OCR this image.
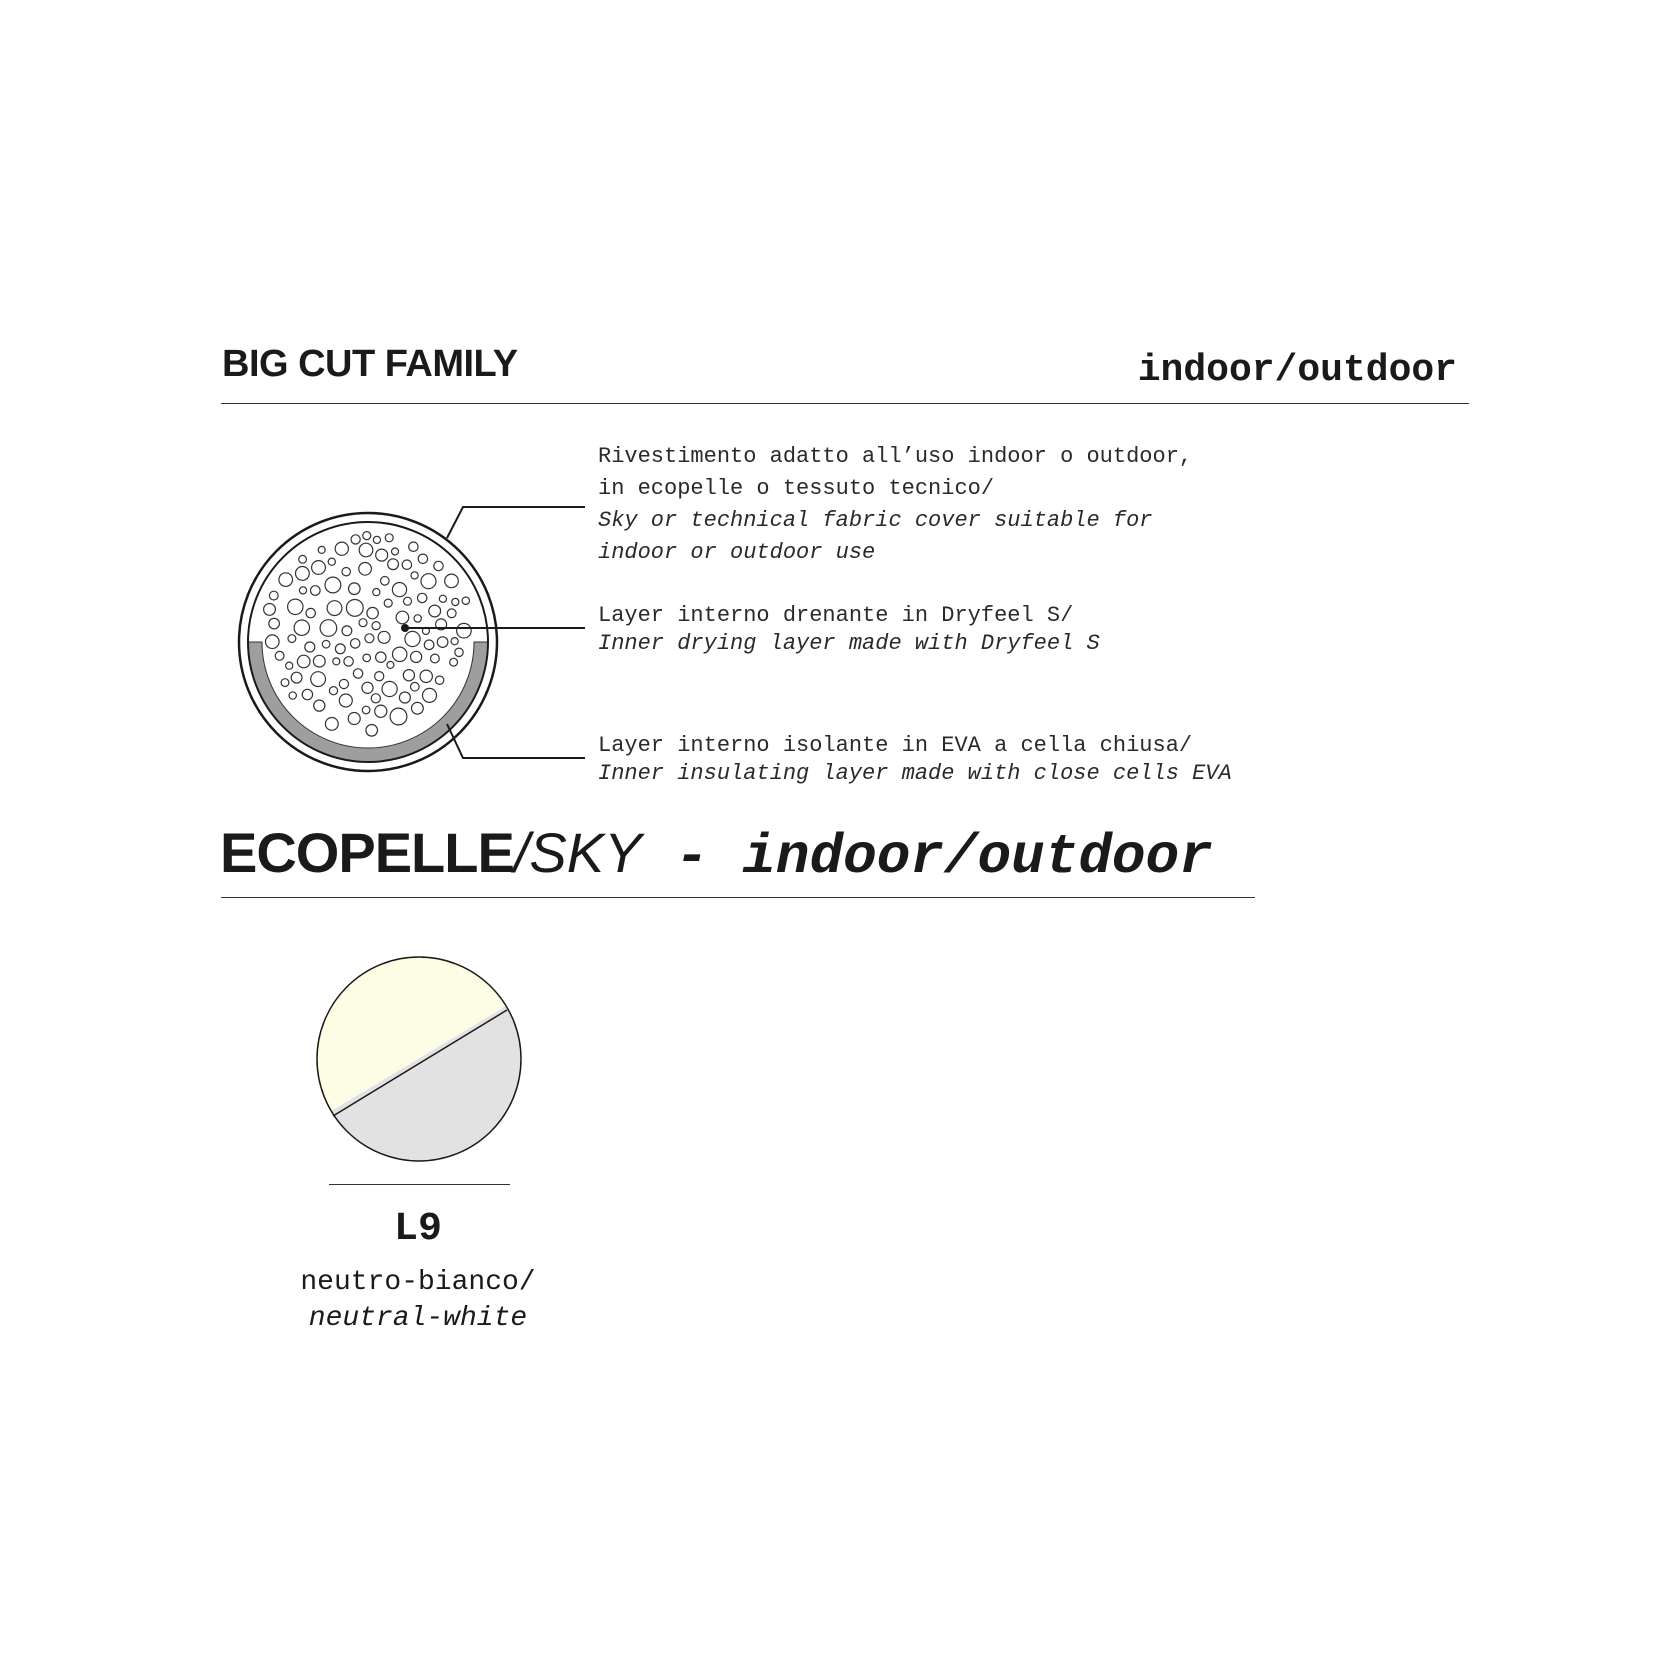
BIG CUT FAMILY	indoor/outdoor
Rivestimento adatto all’uso indoor o outdoor,
in ecopelle o tessuto tecnico/
Sky or technical fabric cover suitable for
indoor or outdoor use
Layer interno drenante in Dryfeel S/
Inner drying layer made with Dryfeel S
Layer interno isolante in EVA a cella chiusa/
Inner insulating layer made with close cells EVA
ECOPELLE/SKY - indoor/outdoor
L9
neutro-bianco/
neutral-white
